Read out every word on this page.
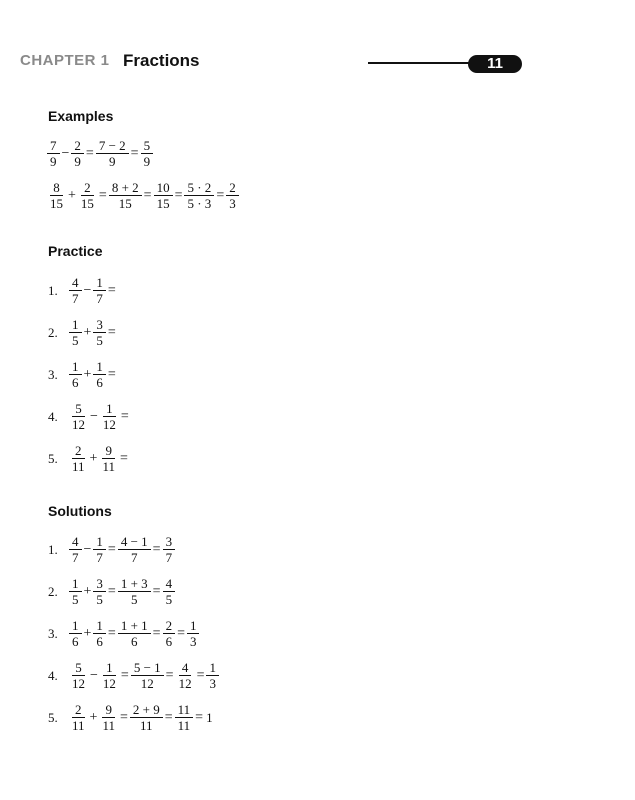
CHAPTER 1 Fractions	11
Examples
$\frac{7}{9} - \frac{2}{9} = \frac{7 - 2}{9} = \frac{5}{9}$
$\frac{8}{15} + \frac{2}{15} = \frac{8 + 2}{15} = \frac{10}{15} = \frac{5 \cdot 2}{5 \cdot 3} = \frac{2}{3}$
Practice
1. $\frac{4}{7} - \frac{1}{7}$ =
2. $\frac{1}{5} + \frac{3}{5}$ =
3. $\frac{1}{6} + \frac{1}{6}$ =
4. $\frac{5}{12} - \frac{1}{12}$ =
5. $\frac{2}{11} + \frac{9}{11}$ =
Solutions
1. $\frac{4}{7} - \frac{1}{7} = \frac{4 - 1}{7} = \frac{3}{7}$
2. $\frac{1}{5} + \frac{3}{5} = \frac{1 + 3}{5} = \frac{4}{5}$
3. $\frac{1}{6} + \frac{1}{6} = \frac{1 + 1}{6} = \frac{2}{6} = \frac{1}{3}$
4. $\frac{5}{12} - \frac{1}{12} = \frac{5 - 1}{12} = \frac{4}{12} = \frac{1}{3}$
5. $\frac{2}{11} + \frac{9}{11} = \frac{2 + 9}{11} = \frac{11}{11} = 1$
